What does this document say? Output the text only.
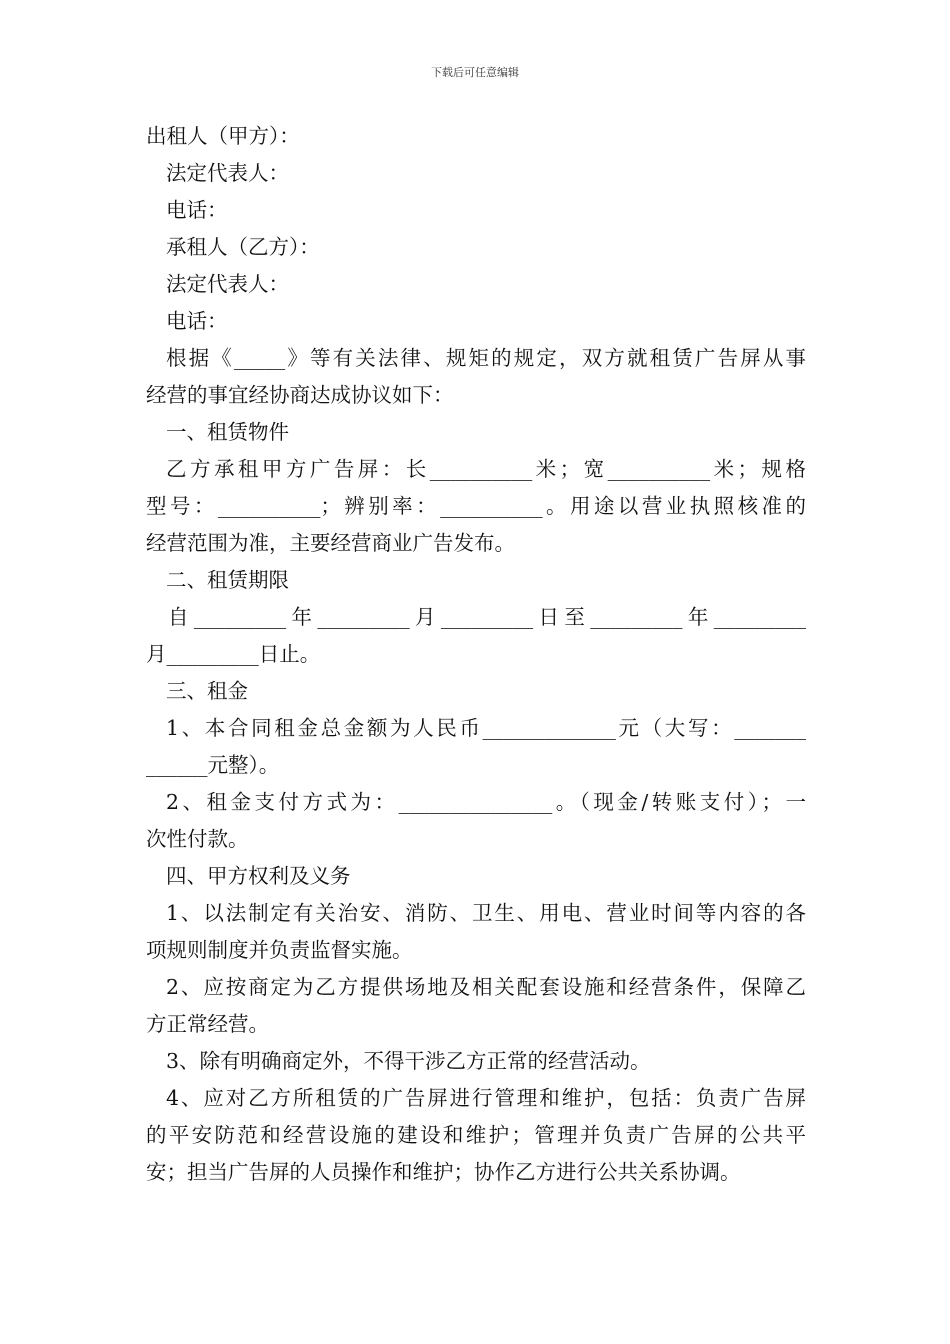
下载后可任意编辑
出租人（甲方）：
法定代表人：
电话：
承租人（乙方）：
法定代表人：
电话：
根据《_____》等有关法律、规矩的规定，双方就租赁广告屏从事
经营的事宜经协商达成协议如下：
一、租赁物件
乙方承租甲方广告屏：长__________米；宽__________米；规格
型号：__________；辨别率：__________。用途以营业执照核准的
经营范围为准，主要经营商业广告发布。
二、租赁期限
自_________年_________月_________日至_________年_________
月_________日止。
三、租金
1、本合同租金总金额为人民币_____________元（大写：_______
______元整）。
2、租金支付方式为：_______________。（现金/转账支付）；一
次性付款。
四、甲方权利及义务
1、以法制定有关治安、消防、卫生、用电、营业时间等内容的各
项规则制度并负责监督实施。
2、应按商定为乙方提供场地及相关配套设施和经营条件，保障乙
方正常经营。
3、除有明确商定外，不得干涉乙方正常的经营活动。
4、应对乙方所租赁的广告屏进行管理和维护，包括：负责广告屏
的平安防范和经营设施的建设和维护；管理并负责广告屏的公共平
安；担当广告屏的人员操作和维护；协作乙方进行公共关系协调。
